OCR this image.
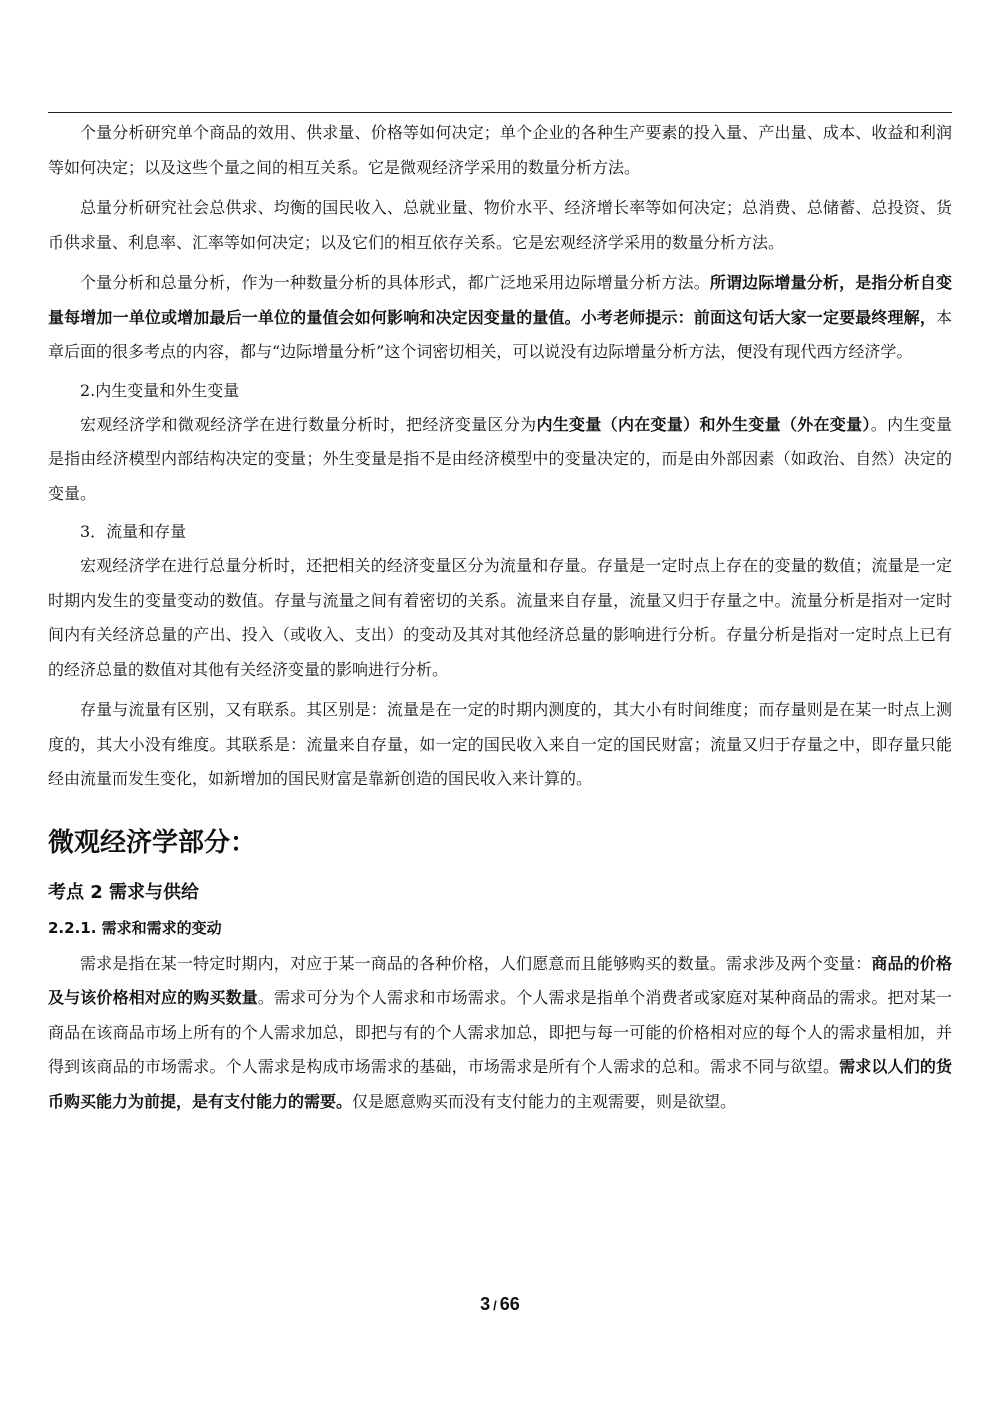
个量分析研究单个商品的效用、供求量、价格等如何决定；单个企业的各种生产要素的投入量、产出量、成本、收益和利润等如何决定；以及这些个量之间的相互关系。它是微观经济学采用的数量分析方法。

总量分析研究社会总供求、均衡的国民收入、总就业量、物价水平、经济增长率等如何决定；总消费、总储蓄、总投资、货币供求量、利息率、汇率等如何决定；以及它们的相互依存关系。它是宏观经济学采用的数量分析方法。

个量分析和总量分析，作为一种数量分析的具体形式，都广泛地采用边际增量分析方法。所谓边际增量分析，是指分析自变量每增加一单位或增加最后一单位的量值会如何影响和决定因变量的量值。小考老师提示：前面这句话大家一定要最终理解，本章后面的很多考点的内容，都与“边际增量分析”这个词密切相关，可以说没有边际增量分析方法，便没有现代西方经济学。

2.内生变量和外生变量

宏观经济学和微观经济学在进行数量分析时，把经济变量区分为内生变量（内在变量）和外生变量（外在变量）。内生变量是指由经济模型内部结构决定的变量；外生变量是指不是由经济模型中的变量决定的，而是由外部因素（如政治、自然）决定的变量。

3．流量和存量

宏观经济学在进行总量分析时，还把相关的经济变量区分为流量和存量。存量是一定时点上存在的变量的数值；流量是一定时期内发生的变量变动的数值。存量与流量之间有着密切的关系。流量来自存量，流量又归于存量之中。流量分析是指对一定时间内有关经济总量的产出、投入（或收入、支出）的变动及其对其他经济总量的影响进行分析。存量分析是指对一定时点上已有的经济总量的数值对其他有关经济变量的影响进行分析。

存量与流量有区别，又有联系。其区别是：流量是在一定的时期内测度的，其大小有时间维度；而存量则是在某一时点上测度的，其大小没有维度。其联系是：流量来自存量，如一定的国民收入来自一定的国民财富；流量又归于存量之中，即存量只能经由流量而发生变化，如新增加的国民财富是靠新创造的国民收入来计算的。

微观经济学部分：
考点 2 需求与供给
2.2.1. 需求和需求的变动

需求是指在某一特定时期内，对应于某一商品的各种价格，人们愿意而且能够购买的数量。需求涉及两个变量：商品的价格及与该价格相对应的购买数量。需求可分为个人需求和市场需求。个人需求是指单个消费者或家庭对某种商品的需求。把对某一商品在该商品市场上所有的个人需求加总，即把与有的个人需求加总，即把与每一可能的价格相对应的每个人的需求量相加，并得到该商品的市场需求。个人需求是构成市场需求的基础，市场需求是所有个人需求的总和。需求不同与欲望。需求以人们的货币购买能力为前提，是有支付能力的需要。仅是愿意购买而没有支付能力的主观需要，则是欲望。

3 / 66
